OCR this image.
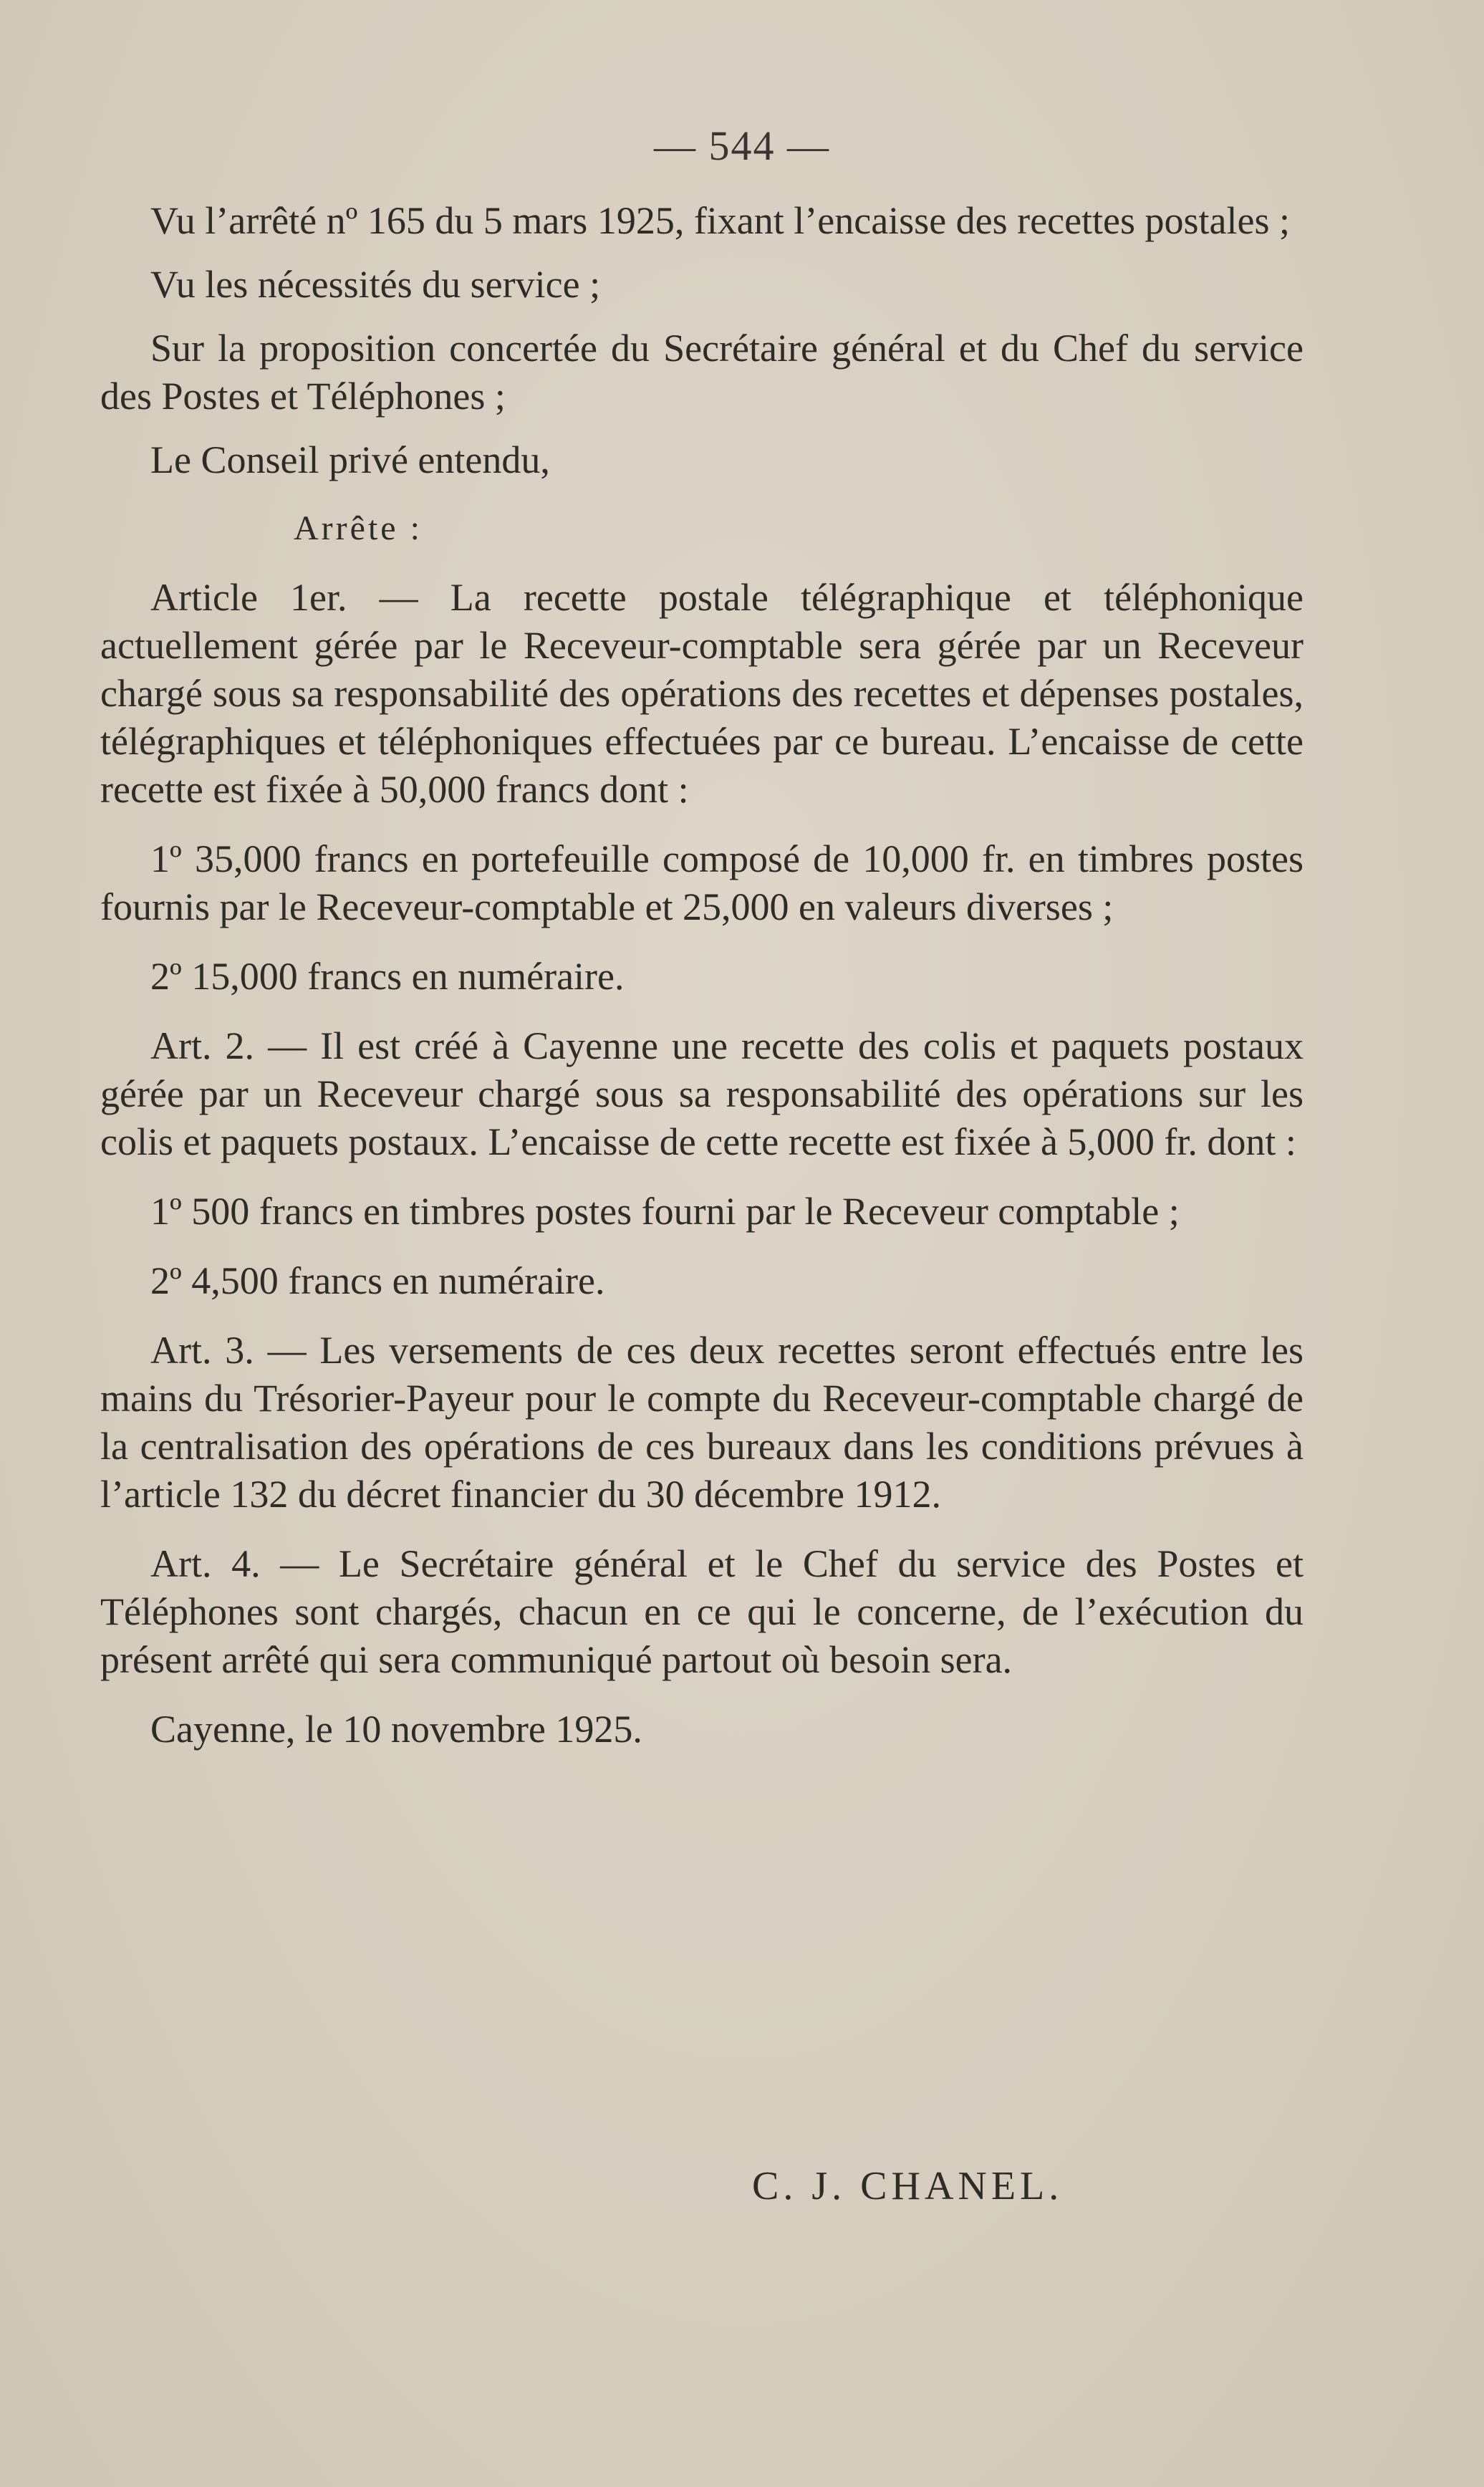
— 544 —

Vu l’arrêté nº 165 du 5 mars 1925, fixant l’encaisse des recettes postales ;

Vu les nécessités du service ;

Sur la proposition concertée du Secrétaire général et du Chef du service des Postes et Téléphones ;

Le Conseil privé entendu,

Arrête :

Article 1er. — La recette postale télégraphique et téléphonique actuellement gérée par le Receveur-comptable sera gérée par un Receveur chargé sous sa responsabilité des opérations des recettes et dépenses postales, télégraphiques et téléphoniques effectuées par ce bureau. L’encaisse de cette recette est fixée à 50,000 francs dont :

1º 35,000 francs en portefeuille composé de 10,000 fr. en timbres postes fournis par le Receveur-comptable et 25,000 en valeurs diverses ;

2º 15,000 francs en numéraire.

Art. 2. — Il est créé à Cayenne une recette des colis et paquets postaux gérée par un Receveur chargé sous sa responsabilité des opérations sur les colis et paquets postaux. L’encaisse de cette recette est fixée à 5,000 fr. dont :

1º 500 francs en timbres postes fourni par le Receveur comptable ;

2º 4,500 francs en numéraire.

Art. 3. — Les versements de ces deux recettes seront effectués entre les mains du Trésorier-Payeur pour le compte du Receveur-comptable chargé de la centralisation des opérations de ces bureaux dans les conditions prévues à l’article 132 du décret financier du 30 décembre 1912.

Art. 4. — Le Secrétaire général et le Chef du service des Postes et Téléphones sont chargés, chacun en ce qui le concerne, de l’exécution du présent arrêté qui sera communiqué partout où besoin sera.

Cayenne, le 10 novembre 1925.

C. J. CHANEL.
